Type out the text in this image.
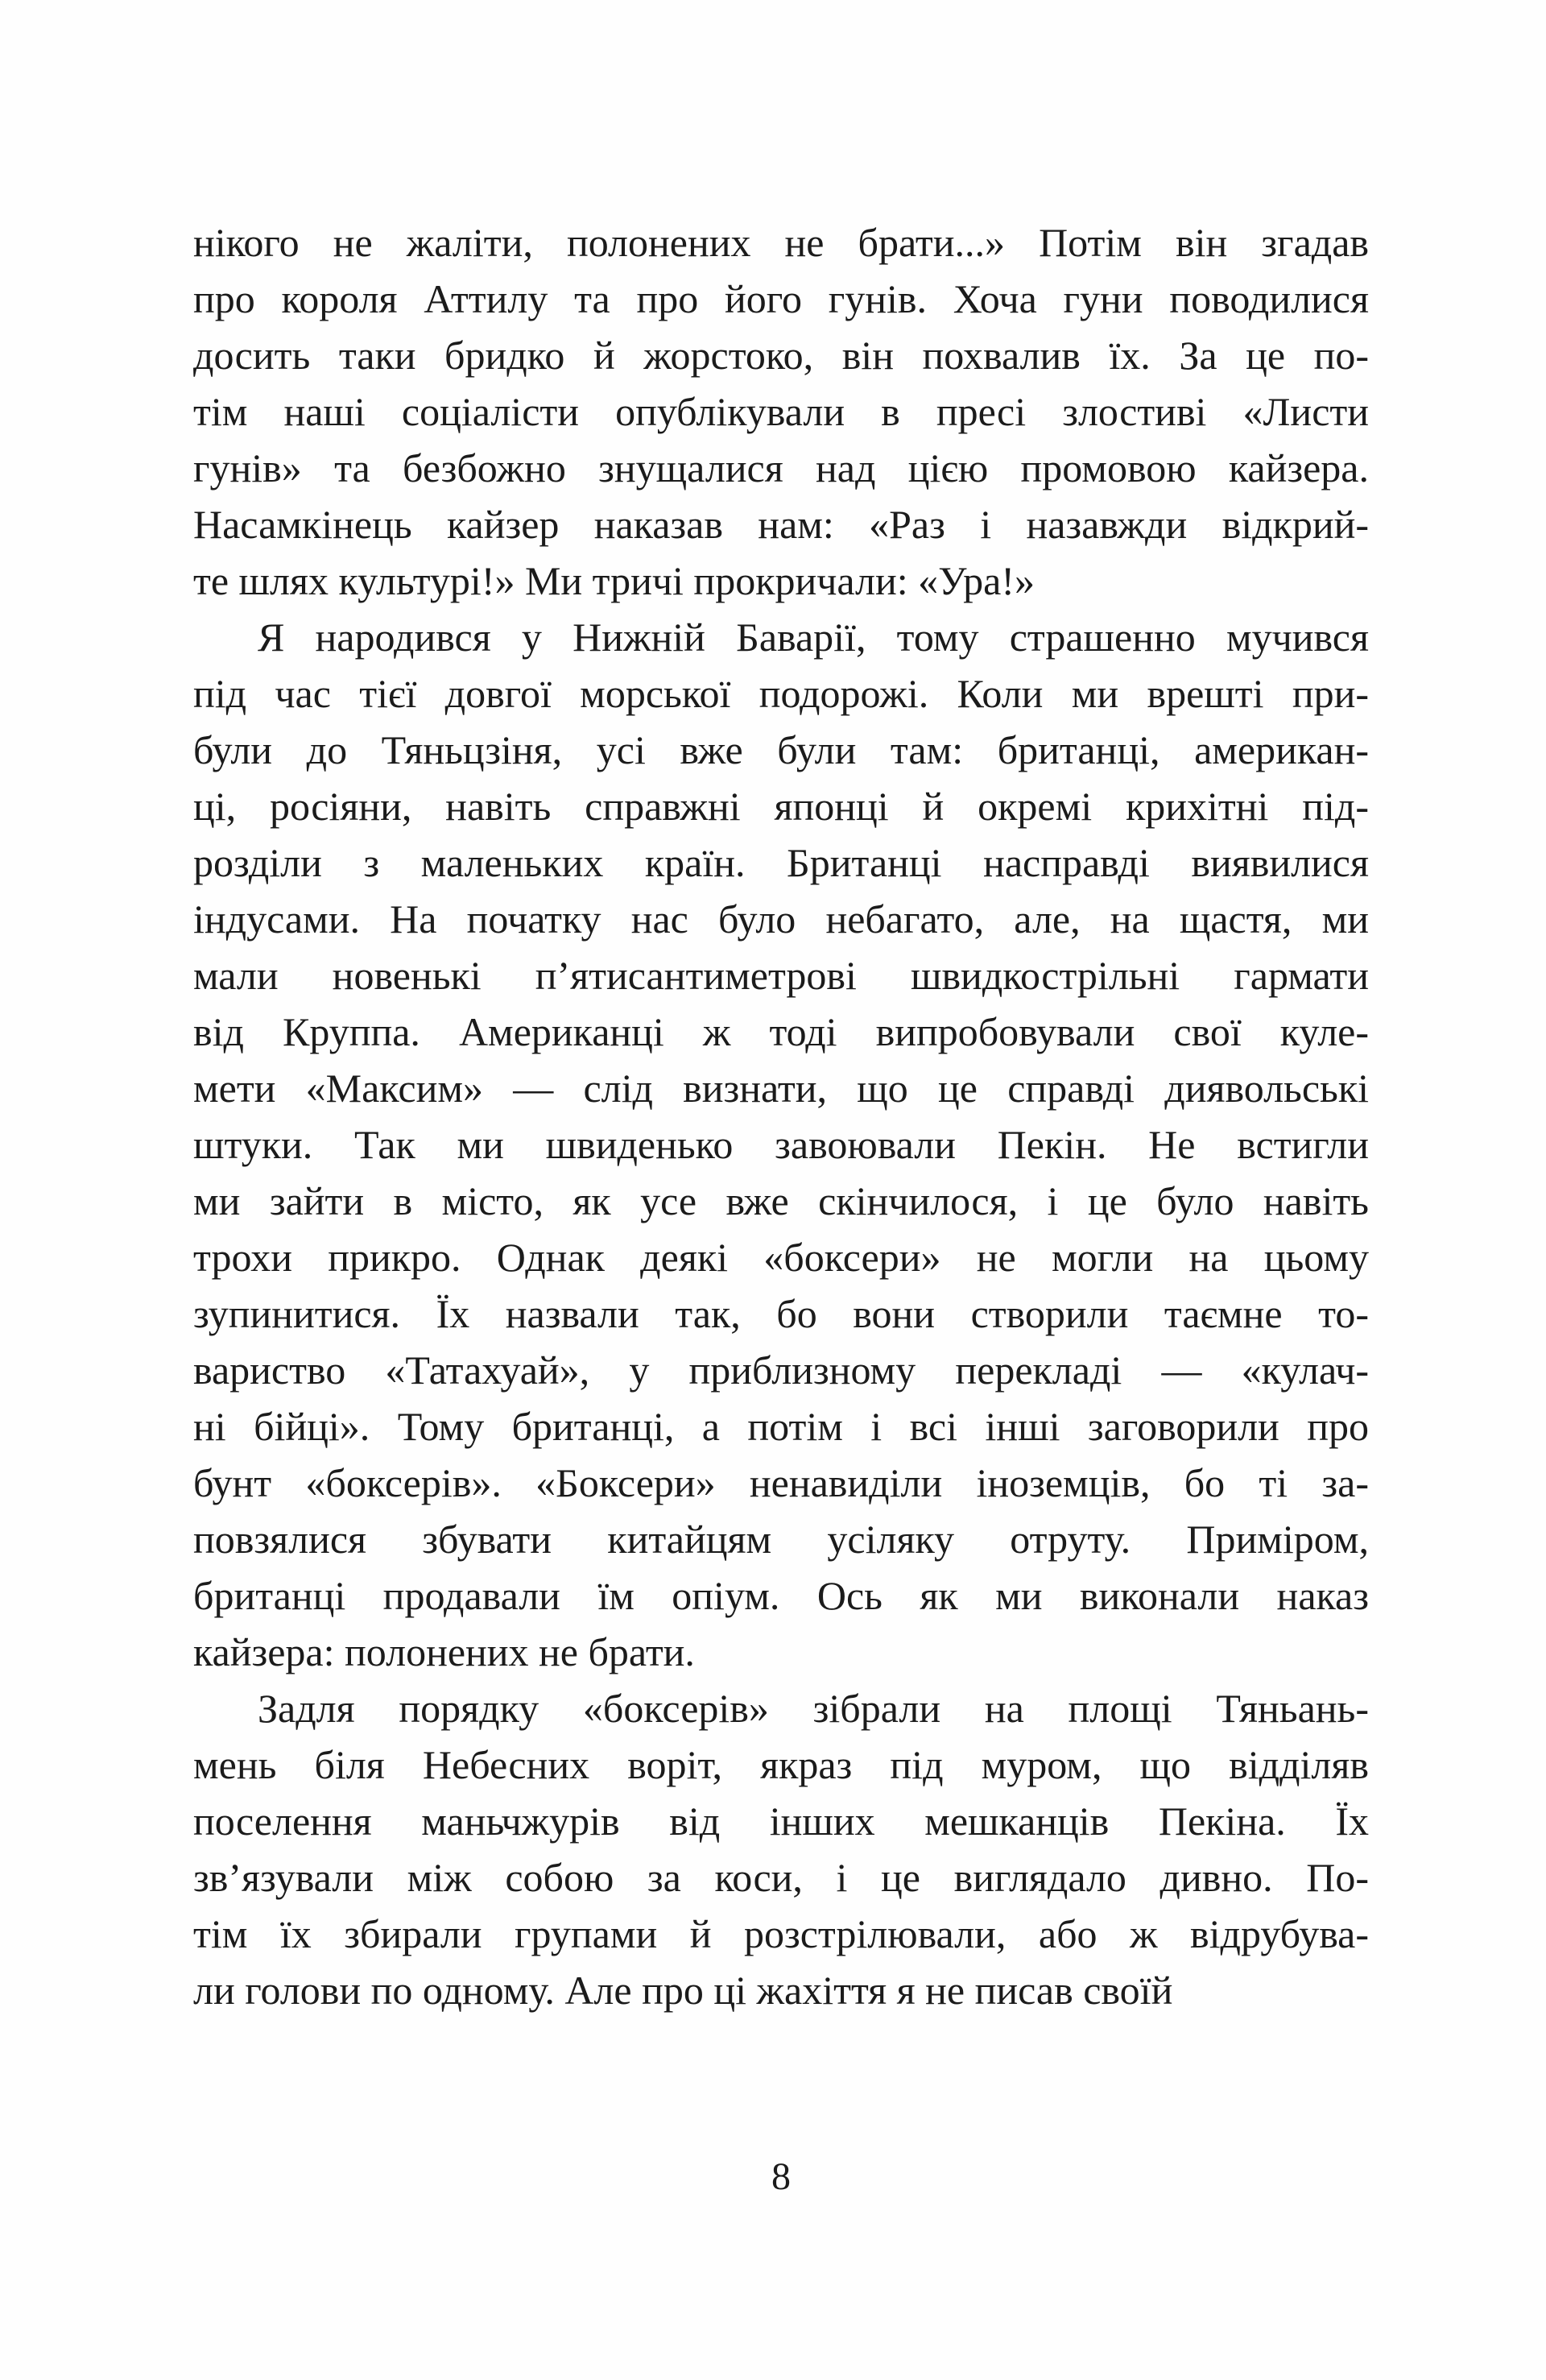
нікого не жаліти, полонених не брати...» Потім він згадав
про короля Аттилу та про його гунів. Хоча гуни поводилися
досить таки бридко й жорстоко, він похвалив їх. За це по-
тім наші соціалісти опублікували в пресі злостиві «Листи
гунів» та безбожно знущалися над цією промовою кайзера.
Насамкінець кайзер наказав нам: «Раз і назавжди відкрий-
те шлях культурі!» Ми тричі прокричали: «Ура!»
Я народився у Нижній Баварії, тому страшенно мучився
під час тієї довгої морської подорожі. Коли ми врешті при-
були до Тяньцзіня, усі вже були там: британці, американ-
ці, росіяни, навіть справжні японці й окремі крихітні під-
розділи з маленьких країн. Британці насправді виявилися
індусами. На початку нас було небагато, але, на щастя, ми
мали новенькі п’ятисантиметрові швидкострільні гармати
від Круппа. Американці ж тоді випробовували свої куле-
мети «Максим» — слід визнати, що це справді диявольські
штуки. Так ми швиденько завоювали Пекін. Не встигли
ми зайти в місто, як усе вже скінчилося, і це було навіть
трохи прикро. Однак деякі «боксери» не могли на цьому
зупинитися. Їх назвали так, бо вони створили таємне то-
вариство «Татахуай», у приблизному перекладі — «кулач-
ні бійці». Тому британці, а потім і всі інші заговорили про
бунт «боксерів». «Боксери» ненавиділи іноземців, бо ті за-
повзялися збувати китайцям усіляку отруту. Приміром,
британці продавали їм опіум. Ось як ми виконали наказ
кайзера: полонених не брати.
Задля порядку «боксерів» зібрали на площі Тяньань-
мень біля Небесних воріт, якраз під муром, що відділяв
поселення маньчжурів від інших мешканців Пекіна. Їх
зв’язували між собою за коси, і це виглядало дивно. По-
тім їх збирали групами й розстрілювали, або ж відрубува-
ли голови по одному. Але про ці жахіття я не писав своїй
8
